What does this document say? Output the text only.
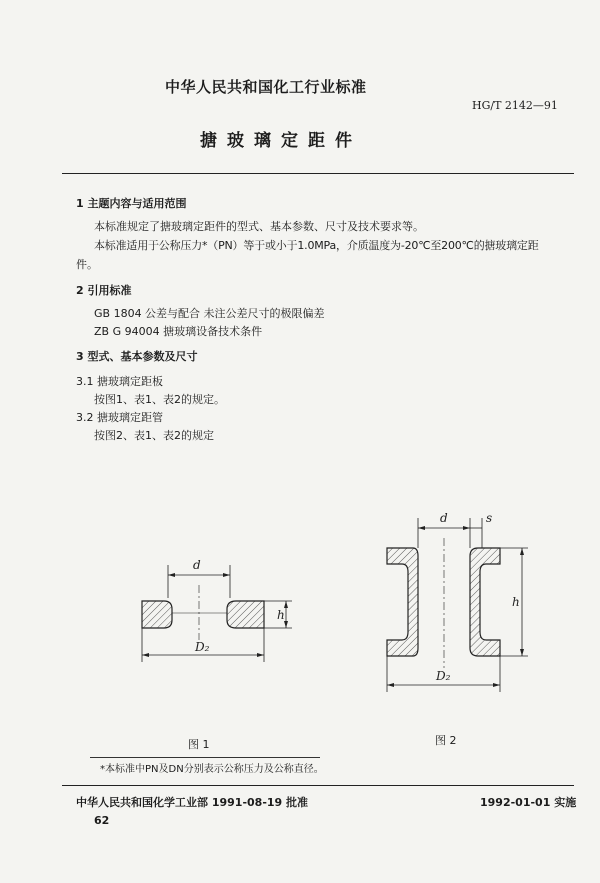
中华人民共和国化工行业标准
HG/T 2142—91
搪玻璃定距件
1 主题内容与适用范围
本标准规定了搪玻璃定距件的型式、基本参数、尺寸及技术要求等。
本标准适用于公称压力*（PN）等于或小于1.0MPa，介质温度为-20℃至200℃的搪玻璃定距
件。
2 引用标准
GB 1804 公差与配合 未注公差尺寸的极限偏差
ZB G 94004 搪玻璃设备技术条件
3 型式、基本参数及尺寸
3.1 搪玻璃定距板
按图1、表1、表2的规定。
3.2 搪玻璃定距管
按图2、表1、表2的规定
d
h
D₂
d	s
h
D₂
图 1	图 2
*本标准中PN及DN分别表示公称压力及公称直径。
中华人民共和国化学工业部 1991-08-19 批准	1992-01-01 实施
62
